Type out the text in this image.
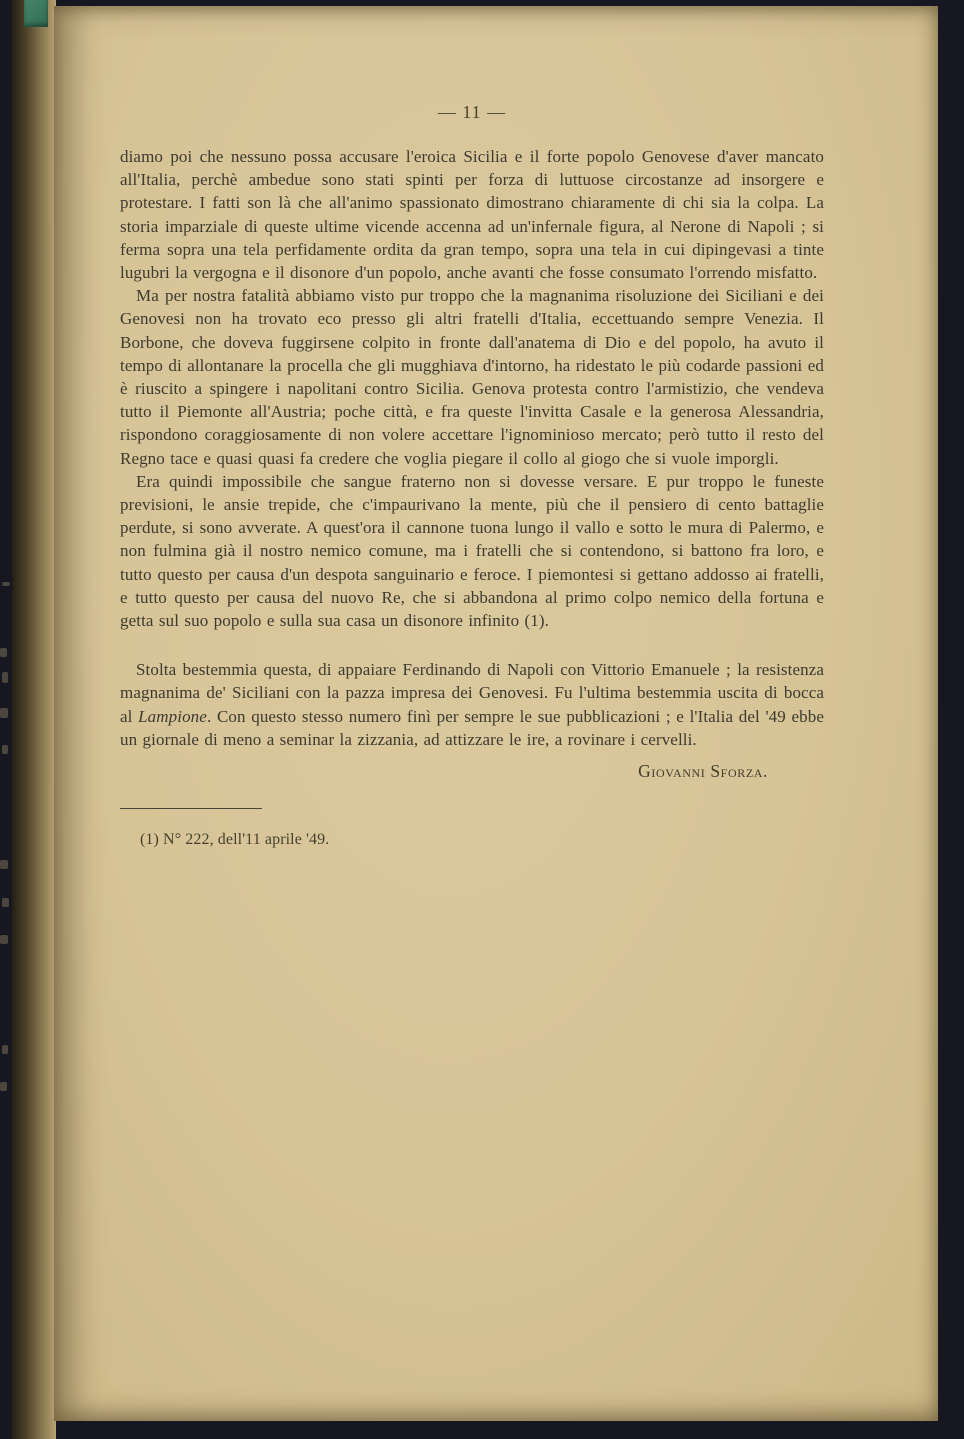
— 11 —

diamo poi che nessuno possa accusare l'eroica Sicilia e il forte popolo Genovese d'aver mancato all'Italia, perchè ambedue sono stati spinti per forza di luttuose circostanze ad insorgere e protestare. I fatti son là che all'animo spassionato dimostrano chiaramente di chi sia la colpa. La storia imparziale di queste ultime vicende accenna ad un'infernale figura, al Nerone di Napoli ; si ferma sopra una tela perfidamente ordita da gran tempo, sopra una tela in cui dipingevasi a tinte lugubri la vergogna e il disonore d'un popolo, anche avanti che fosse consumato l'orrendo misfatto.

Ma per nostra fatalità abbiamo visto pur troppo che la magnanima risoluzione dei Siciliani e dei Genovesi non ha trovato eco presso gli altri fratelli d'Italia, eccettuando sempre Venezia. Il Borbone, che doveva fuggirsene colpito in fronte dall'anatema di Dio e del popolo, ha avuto il tempo di allontanare la procella che gli mugghiava d'intorno, ha ridestato le più codarde passioni ed è riuscito a spingere i napolitani contro Sicilia. Genova protesta contro l'armistizio, che vendeva tutto il Piemonte all'Austria; poche città, e fra queste l'invitta Casale e la generosa Alessandria, rispondono coraggiosamente di non volere accettare l'ignominioso mercato; però tutto il resto del Regno tace e quasi quasi fa credere che voglia piegare il collo al giogo che si vuole imporgli.

Era quindi impossibile che sangue fraterno non si dovesse versare. E pur troppo le funeste previsioni, le ansie trepide, che c'impaurivano la mente, più che il pensiero di cento battaglie perdute, si sono avverate. A quest'ora il cannone tuona lungo il vallo e sotto le mura di Palermo, e non fulmina già il nostro nemico comune, ma i fratelli che si contendono, si battono fra loro, e tutto questo per causa d'un despota sanguinario e feroce. I piemontesi si gettano addosso ai fratelli, e tutto questo per causa del nuovo Re, che si abbandona al primo colpo nemico della fortuna e getta sul suo popolo e sulla sua casa un disonore infinito (1).

Stolta bestemmia questa, di appaiare Ferdinando di Napoli con Vittorio Emanuele ; la resistenza magnanima de' Siciliani con la pazza impresa dei Genovesi. Fu l'ultima bestemmia uscita di bocca al Lampione. Con questo stesso numero finì per sempre le sue pubblicazioni ; e l'Italia del '49 ebbe un giornale di meno a seminar la zizzania, ad attizzare le ire, a rovinare i cervelli.

Giovanni Sforza.
(1) N° 222, dell'11 aprile '49.
